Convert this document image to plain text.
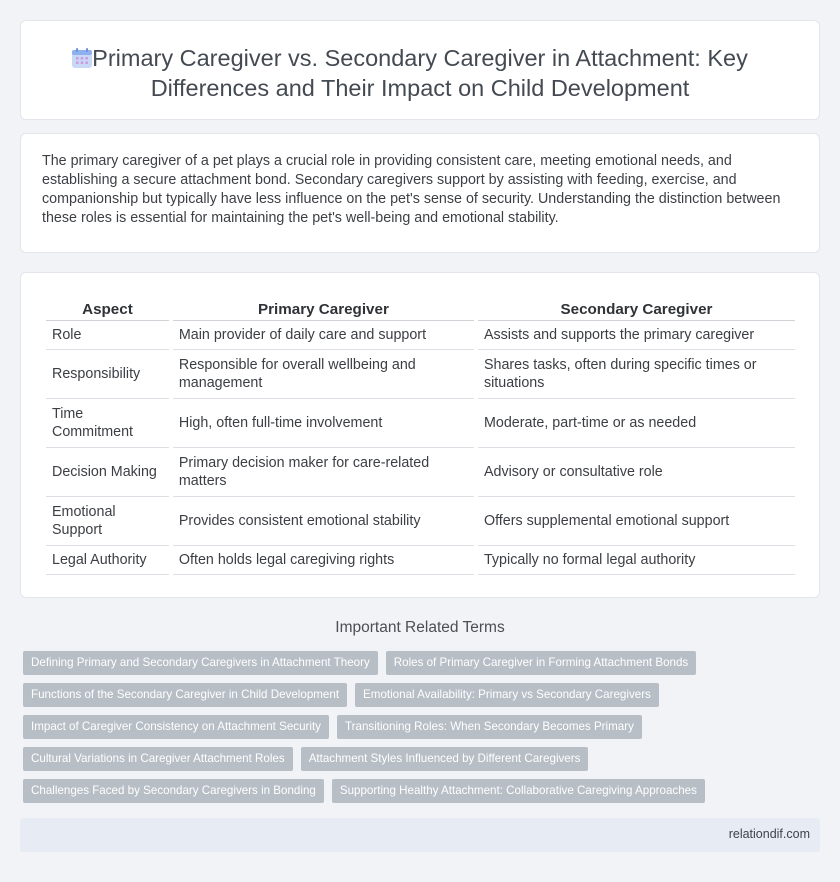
Primary Caregiver vs. Secondary Caregiver in Attachment: Key Differences and Their Impact on Child Development

The primary caregiver of a pet plays a crucial role in providing consistent care, meeting emotional needs, and establishing a secure attachment bond. Secondary caregivers support by assisting with feeding, exercise, and companionship but typically have less influence on the pet's sense of security. Understanding the distinction between these roles is essential for maintaining the pet's well-being and emotional stability.

Aspect	Primary Caregiver	Secondary Caregiver
Role	Main provider of daily care and support	Assists and supports the primary caregiver
Responsibility	Responsible for overall wellbeing and management	Shares tasks, often during specific times or situations
Time Commitment	High, often full-time involvement	Moderate, part-time or as needed
Decision Making	Primary decision maker for care-related matters	Advisory or consultative role
Emotional Support	Provides consistent emotional stability	Offers supplemental emotional support
Legal Authority	Often holds legal caregiving rights	Typically no formal legal authority
Important Related Terms
Defining Primary and Secondary Caregivers in Attachment Theory	Roles of Primary Caregiver in Forming Attachment Bonds
Functions of the Secondary Caregiver in Child Development	Emotional Availability: Primary vs Secondary Caregivers
Impact of Caregiver Consistency on Attachment Security	Transitioning Roles: When Secondary Becomes Primary
Cultural Variations in Caregiver Attachment Roles	Attachment Styles Influenced by Different Caregivers
Challenges Faced by Secondary Caregivers in Bonding	Supporting Healthy Attachment: Collaborative Caregiving Approaches
relationdif.com
